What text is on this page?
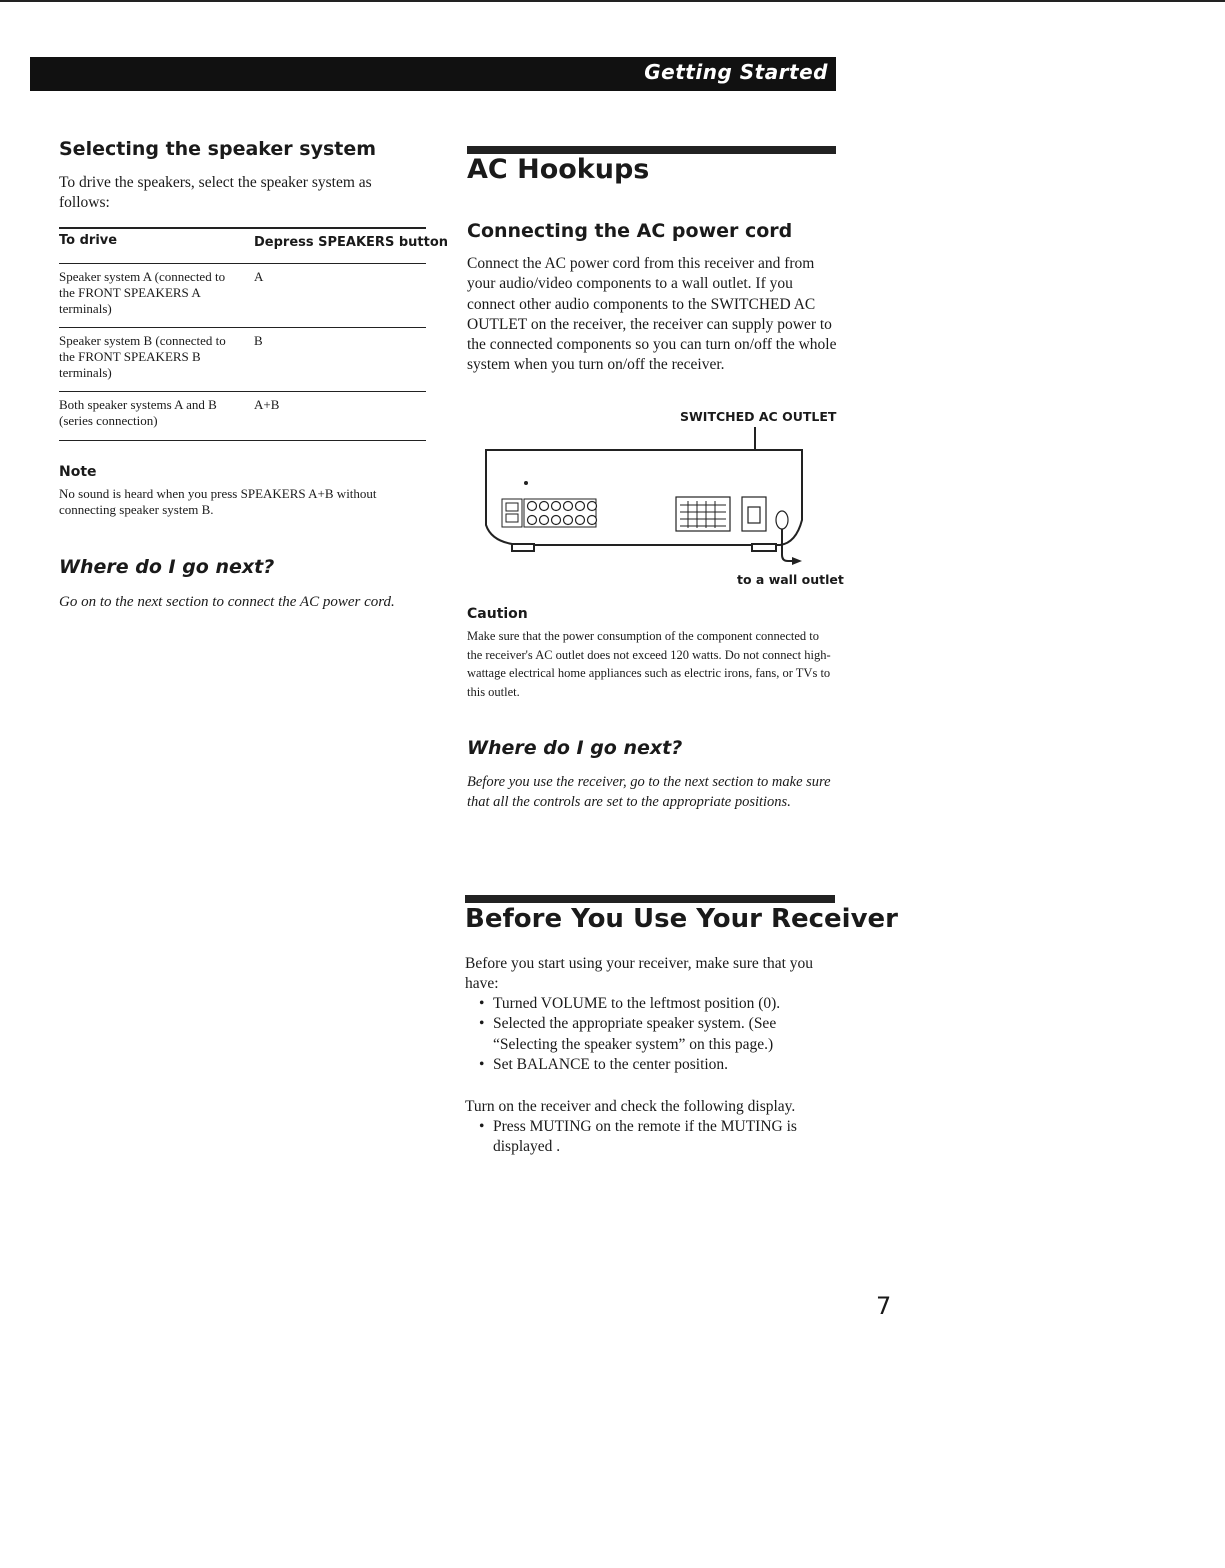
Getting Started
Selecting the speaker system
To drive the speakers, select the speaker system as follows:
To drive	Depress SPEAKERS button
Speaker system A (connected to the FRONT SPEAKERS A terminals)
A
Speaker system B (connected to the FRONT SPEAKERS B terminals)
B
Both speaker systems A and B (series connection)
A+B
Note
No sound is heard when you press SPEAKERS A+B without connecting speaker system B.
Where do I go next?
Go on to the next section to connect the AC power cord.
AC Hookups
Connecting the AC power cord
Connect the AC power cord from this receiver and from your audio/video components to a wall outlet. If you connect other audio components to the SWITCHED AC OUTLET on the receiver, the receiver can supply power to the connected components so you can turn on/off the whole system when you turn on/off the receiver.
SWITCHED AC OUTLET
to a wall outlet
Caution
Make sure that the power consumption of the component connected to the receiver's AC outlet does not exceed 120 watts. Do not connect high-wattage electrical home appliances such as electric irons, fans, or TVs to this outlet.
Where do I go next?
Before you use the receiver, go to the next section to make sure that all the controls are set to the appropriate positions.
Before You Use Your Receiver
Before you start using your receiver, make sure that you have:
• Turned VOLUME to the leftmost position (0).
• Selected the appropriate speaker system. (See “Selecting the speaker system” on this page.)
• Set BALANCE to the center position.
Turn on the receiver and check the following display.
• Press MUTING on the remote if the MUTING is displayed .
7
